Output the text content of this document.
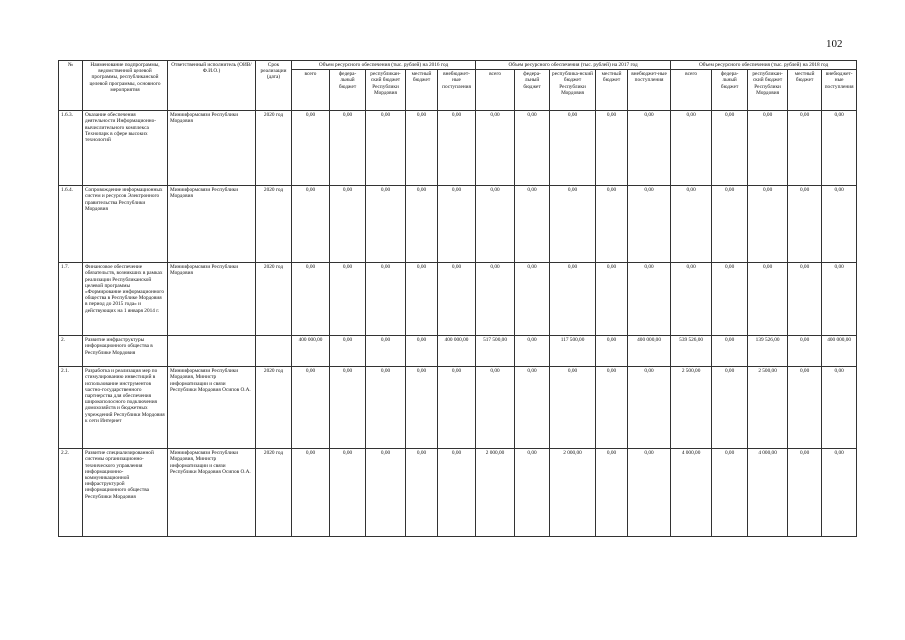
102
№	Наименование подпрограммы, ведомственной целевой программы, республиканской целевой программы, основного мероприятия	Ответственный исполнитель (ОИВ/Ф.И.О.)	Срок реализации (дата)	Объем ресурсного обеспечения (тыс. рублей) на 2016 год					Объем ресурсного обеспечения (тыс. рублей) на 2017 год					Объем ресурсного обеспечения (тыс. рублей) на 2018 год				
				всего	федера-льный бюджет	республикан-ский бюджет Республики Мордовия	местный бюджет	внебюджет-ные поступления	всего	федера-льный бюджет	республика-нский бюджет Республики Мордовия	местный бюджет	внебюджет-ные поступления	всего	федера-льный бюджет	республикан-ский бюджет Республики Мордовия	местный бюджет	внебюджет-ные поступления
1.6.3.	Оказание обеспечения деятельности Информационно-вычислительного комплекса Технопарк в сфере высоких технологий	Минииформсвязи Республики Мордовия	2020 год	0,00	0,00	0,00	0,00	0,00	0,00	0,00	0,00	0,00	0,00	0,00	0,00	0,00	0,00	0,00
1.6.4.	Сопровождение информационных систем и ресурсов Электронного правительства Республики Мордовия	Минииформсвязи Республики Мордовия	2020 год	0,00	0,00	0,00	0,00	0,00	0,00	0,00	0,00	0,00	0,00	0,00	0,00	0,00	0,00	0,00
1.7.	Финансовое обеспечение обязательств, возникших в рамках реализации Республиканской целевой программы «Формирование информационного общества в Республике Мордовия в период до 2015 года» и действующих на 1 января 2014 г.	Минииформсвязи Республики Мордовия	2020 год	0,00	0,00	0,00	0,00	0,00	0,00	0,00	0,00	0,00	0,00	0,00	0,00	0,00	0,00	0,00
2.	Развитие инфраструктуры информационного общества в Республике Мордовия			400 000,00	0,00	0,00	0,00	400 000,00	517 500,00	0,00	117 500,00	0,00	400 000,00	539 526,00	0,00	139 526,00	0,00	400 000,00
2.1.	Разработка и реализация мер по стимулированию инвестиций в использование инструментов частно-государственного партнерства для обеспечения широкополосного подключения домохозяйств и бюджетных учреждений Республики Мордовия к сети Интернет	Минииформсвязи Республики Мордовия, Министр информатизации и связи Республики Мордовия Осипов О.А.	2020 год	0,00	0,00	0,00	0,00	0,00	0,00	0,00	0,00	0,00	0,00	2 500,00	0,00	2 500,00	0,00	0,00
2.2.	Развитие специализированной системы организационно-технического управления информационно-коммуникационной инфраструктурой информационного общества Республики Мордовия	Минииформсвязи Республики Мордовия, Министр информатизации и связи Республики Мордовия Осипов О.А.	2020 год	0,00	0,00	0,00	0,00	0,00	2 000,00	0,00	2 000,00	0,00	0,00	4 000,00	0,00	4 000,00	0,00	0,00
